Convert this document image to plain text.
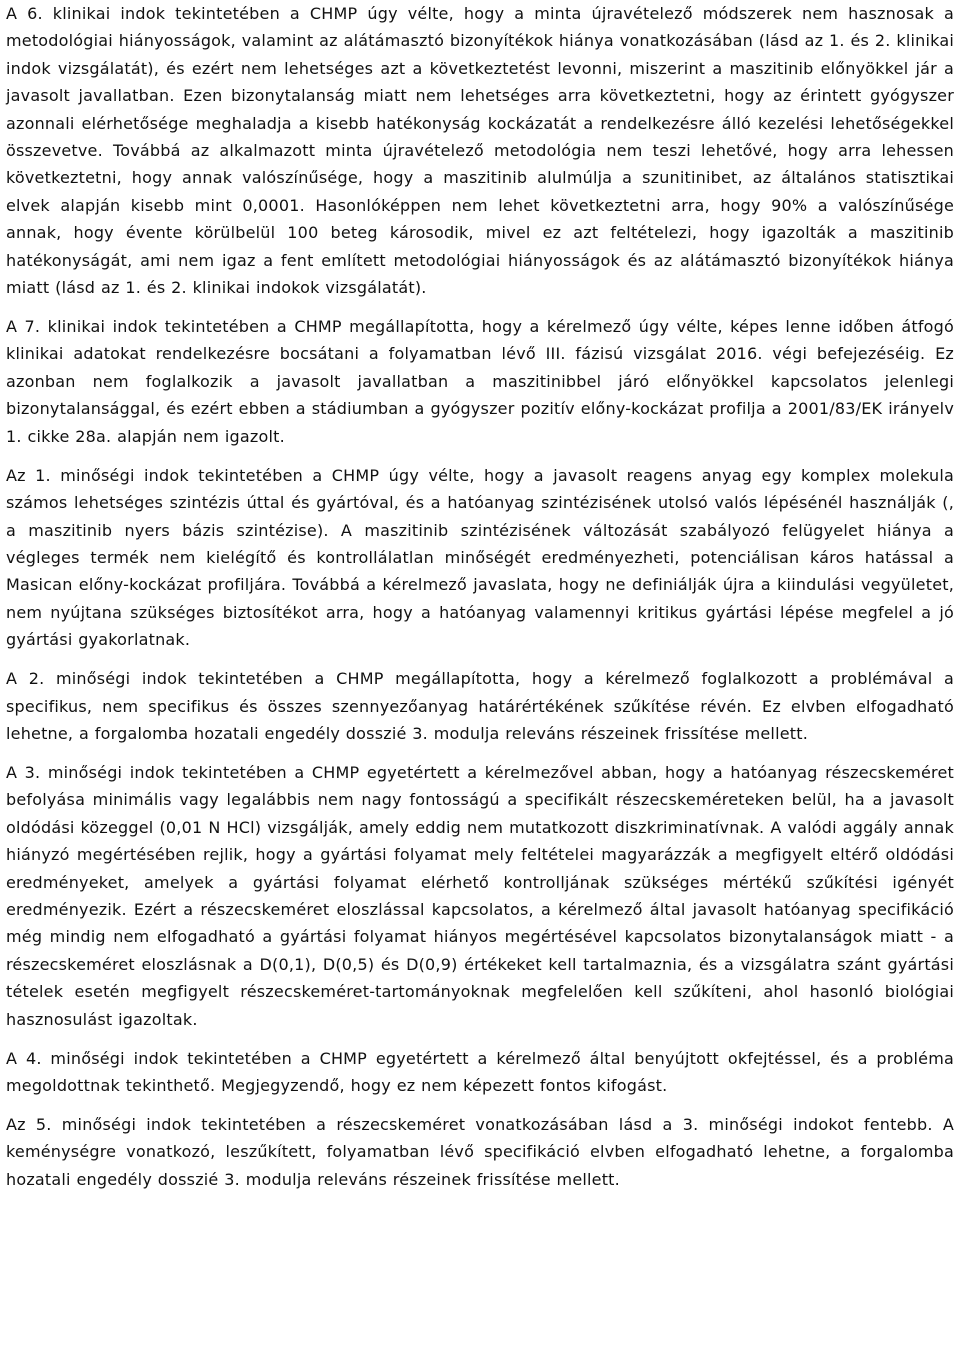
A 6. klinikai indok tekintetében a CHMP úgy vélte, hogy a minta újravételező módszerek nem hasznosak a metodológiai hiányosságok, valamint az alátámasztó bizonyítékok hiánya vonatkozásában (lásd az 1. és 2. klinikai indok vizsgálatát), és ezért nem lehetséges azt a következtetést levonni, miszerint a maszitinib előnyökkel jár a javasolt javallatban. Ezen bizonytalanság miatt nem lehetséges arra következtetni, hogy az érintett gyógyszer azonnali elérhetősége meghaladja a kisebb hatékonyság kockázatát a rendelkezésre álló kezelési lehetőségekkel összevetve. Továbbá az alkalmazott minta újravételező metodológia nem teszi lehetővé, hogy arra lehessen következtetni, hogy annak valószínűsége, hogy a maszitinib alulmúlja a szunitinibet, az általános statisztikai elvek alapján kisebb mint 0,0001. Hasonlóképpen nem lehet következtetni arra, hogy 90% a valószínűsége annak, hogy évente körülbelül 100 beteg károsodik, mivel ez azt feltételezi, hogy igazolták a maszitinib hatékonyságát, ami nem igaz a fent említett metodológiai hiányosságok és az alátámasztó bizonyítékok hiánya miatt (lásd az 1. és 2. klinikai indokok vizsgálatát).

A 7. klinikai indok tekintetében a CHMP megállapította, hogy a kérelmező úgy vélte, képes lenne időben átfogó klinikai adatokat rendelkezésre bocsátani a folyamatban lévő III. fázisú vizsgálat 2016. végi befejezéséig. Ez azonban nem foglalkozik a javasolt javallatban a maszitinibbel járó előnyökkel kapcsolatos jelenlegi bizonytalansággal, és ezért ebben a stádiumban a gyógyszer pozitív előny-kockázat profilja a 2001/83/EK irányelv 1. cikke 28a. alapján nem igazolt.

Az 1. minőségi indok tekintetében a CHMP úgy vélte, hogy a javasolt reagens anyag egy komplex molekula számos lehetséges szintézis úttal és gyártóval, és a hatóanyag szintézisének utolsó valós lépésénél használják (, a maszitinib nyers bázis szintézise). A maszitinib szintézisének változását szabályozó felügyelet hiánya a végleges termék nem kielégítő és kontrollálatlan minőségét eredményezheti, potenciálisan káros hatással a Masican előny-kockázat profiljára. Továbbá a kérelmező javaslata, hogy ne definiálják újra a kiindulási vegyületet, nem nyújtana szükséges biztosítékot arra, hogy a hatóanyag valamennyi kritikus gyártási lépése megfelel a jó gyártási gyakorlatnak.

A 2. minőségi indok tekintetében a CHMP megállapította, hogy a kérelmező foglalkozott a problémával a specifikus, nem specifikus és összes szennyezőanyag határértékének szűkítése révén. Ez elvben elfogadható lehetne, a forgalomba hozatali engedély dosszié 3. modulja releváns részeinek frissítése mellett.

A 3. minőségi indok tekintetében a CHMP egyetértett a kérelmezővel abban, hogy a hatóanyag részecskeméret befolyása minimális vagy legalábbis nem nagy fontosságú a specifikált részecskeméreteken belül, ha a javasolt oldódási közeggel (0,01 N HCl) vizsgálják, amely eddig nem mutatkozott diszkriminatívnak. A valódi aggály annak hiányzó megértésében rejlik, hogy a gyártási folyamat mely feltételei magyarázzák a megfigyelt eltérő oldódási eredményeket, amelyek a gyártási folyamat elérhető kontrolljának szükséges mértékű szűkítési igényét eredményezik. Ezért a részecskeméret eloszlással kapcsolatos, a kérelmező által javasolt hatóanyag specifikáció még mindig nem elfogadható a gyártási folyamat hiányos megértésével kapcsolatos bizonytalanságok miatt - a részecskeméret eloszlásnak a D(0,1), D(0,5) és D(0,9) értékeket kell tartalmaznia, és a vizsgálatra szánt gyártási tételek esetén megfigyelt részecskeméret-tartományoknak megfelelően kell szűkíteni, ahol hasonló biológiai hasznosulást igazoltak.

A 4. minőségi indok tekintetében a CHMP egyetértett a kérelmező által benyújtott okfejtéssel, és a probléma megoldottnak tekinthető. Megjegyzendő, hogy ez nem képezett fontos kifogást.

Az 5. minőségi indok tekintetében a részecskeméret vonatkozásában lásd a 3. minőségi indokot fentebb. A keménységre vonatkozó, leszűkített, folyamatban lévő specifikáció elvben elfogadható lehetne, a forgalomba hozatali engedély dosszié 3. modulja releváns részeinek frissítése mellett.
